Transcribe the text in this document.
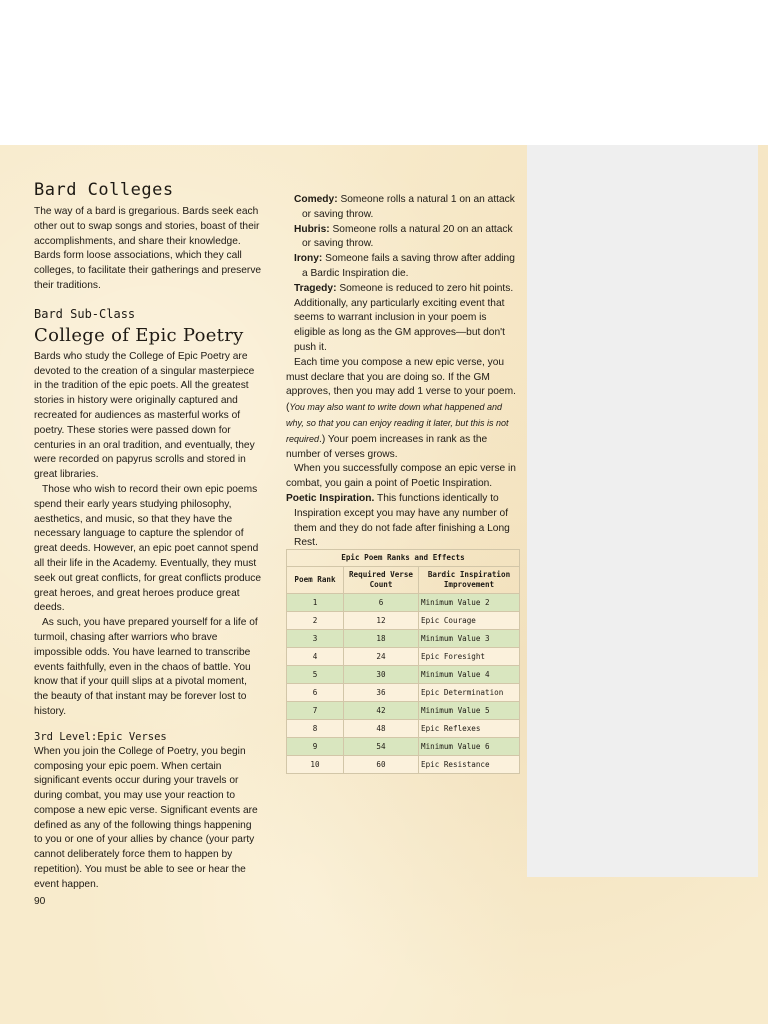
Bard Colleges

The way of a bard is gregarious. Bards seek each other out to swap songs and stories, boast of their accomplishments, and share their knowledge. Bards form loose associations, which they call colleges, to facilitate their gatherings and preserve their traditions.

Bard Sub-Class
College of Epic Poetry

Bards who study the College of Epic Poetry are devoted to the creation of a singular masterpiece in the tradition of the epic poets. All the greatest stories in history were originally captured and recreated for audiences as masterful works of poetry. These stories were passed down for centuries in an oral tradition, and eventually, they were recorded on papyrus scrolls and stored in great libraries.

Those who wish to record their own epic poems spend their early years studying philosophy, aesthetics, and music, so that they have the necessary language to capture the splendor of great deeds. However, an epic poet cannot spend all their life in the Academy. Eventually, they must seek out great conflicts, for great conflicts produce great heroes, and great heroes produce great deeds.

As such, you have prepared yourself for a life of turmoil, chasing after warriors who brave impossible odds. You have learned to transcribe events faithfully, even in the chaos of battle. You know that if your quill slips at a pivotal moment, the beauty of that instant may be forever lost to history.

3rd Level:Epic Verses

When you join the College of Poetry, you begin composing your epic poem. When certain significant events occur during your travels or during combat, you may use your reaction to compose a new epic verse. Significant events are defined as any of the following things happening to you or one of your allies by chance (your party cannot deliberately force them to happen by repetition). You must be able to see or hear the event happen.

90

Comedy: Someone rolls a natural 1 on an attack or saving throw.

Hubris: Someone rolls a natural 20 on an attack or saving throw.

Irony: Someone fails a saving throw after adding a Bardic Inspiration die.

Tragedy: Someone is reduced to zero hit points. Additionally, any particularly exciting event that seems to warrant inclusion in your poem is eligible as long as the GM approves—but don't push it.

Each time you compose a new epic verse, you must declare that you are doing so. If the GM approves, then you may add 1 verse to your poem. (You may also want to write down what happened and why, so that you can enjoy reading it later, but this is not required.) Your poem increases in rank as the number of verses grows.

When you successfully compose an epic verse in combat, you gain a point of Poetic Inspiration.

Poetic Inspiration. This functions identically to Inspiration except you may have any number of them and they do not fade after finishing a Long Rest.

Epic Poem Ranks and Effects
Poem Rank	Required Verse Count	Bardic Inspiration Improvement
1	6	Minimum Value 2
2	12	Epic Courage
3	18	Minimum Value 3
4	24	Epic Foresight
5	30	Minimum Value 4
6	36	Epic Determination
7	42	Minimum Value 5
8	48	Epic Reflexes
9	54	Minimum Value 6
10	60	Epic Resistance
